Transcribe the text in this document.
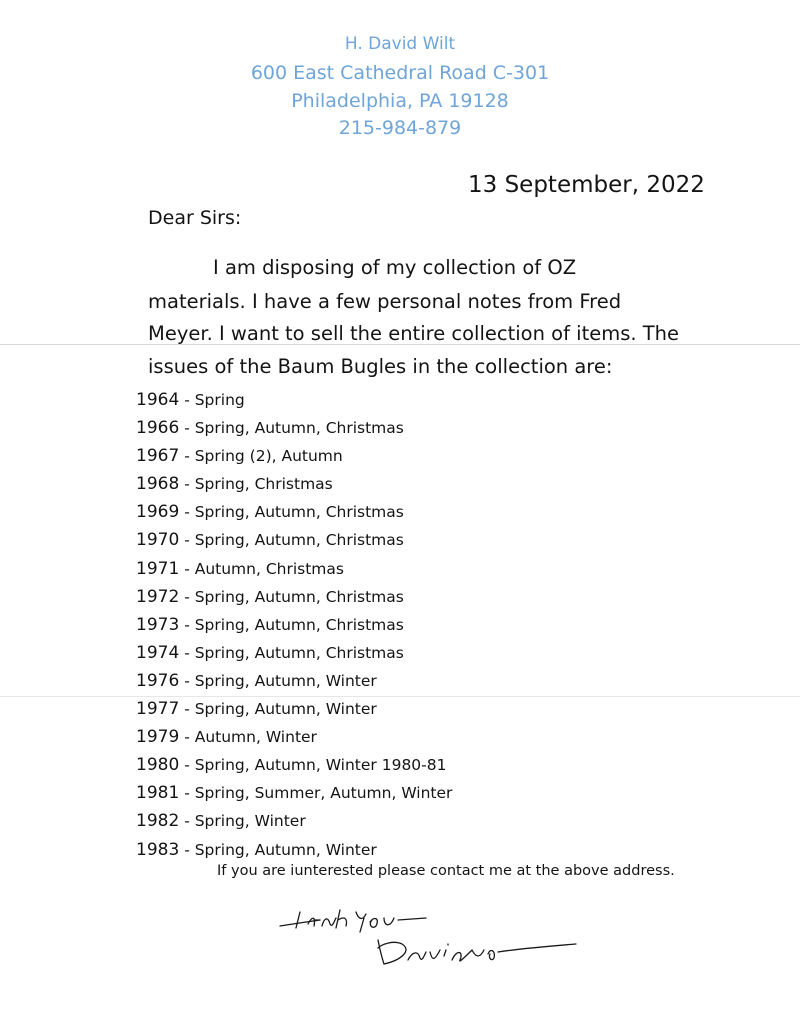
H. David Wilt

600 East Cathedral Road C-301

Philadelphia, PA 19128

215-984-879

13 September, 2022

Dear Sirs:

I am disposing of my collection of OZ

materials. I have a few personal notes from Fred

Meyer. I want to sell the entire collection of items. The

issues of the Baum Bugles in the collection are:

1964 - Spring
1966 - Spring, Autumn, Christmas
1967 - Spring (2), Autumn
1968 - Spring, Christmas
1969 - Spring, Autumn, Christmas
1970 - Spring, Autumn, Christmas
1971 - Autumn, Christmas
1972 - Spring, Autumn, Christmas
1973 - Spring, Autumn, Christmas
1974 - Spring, Autumn, Christmas
1976 - Spring, Autumn, Winter
1977 - Spring, Autumn, Winter
1979 - Autumn, Winter
1980 - Spring, Autumn, Winter 1980-81
1981 - Spring, Summer, Autumn, Winter
1982 - Spring, Winter
1983 - Spring, Autumn, Winter

If you are iunterested please contact me at the above address.
